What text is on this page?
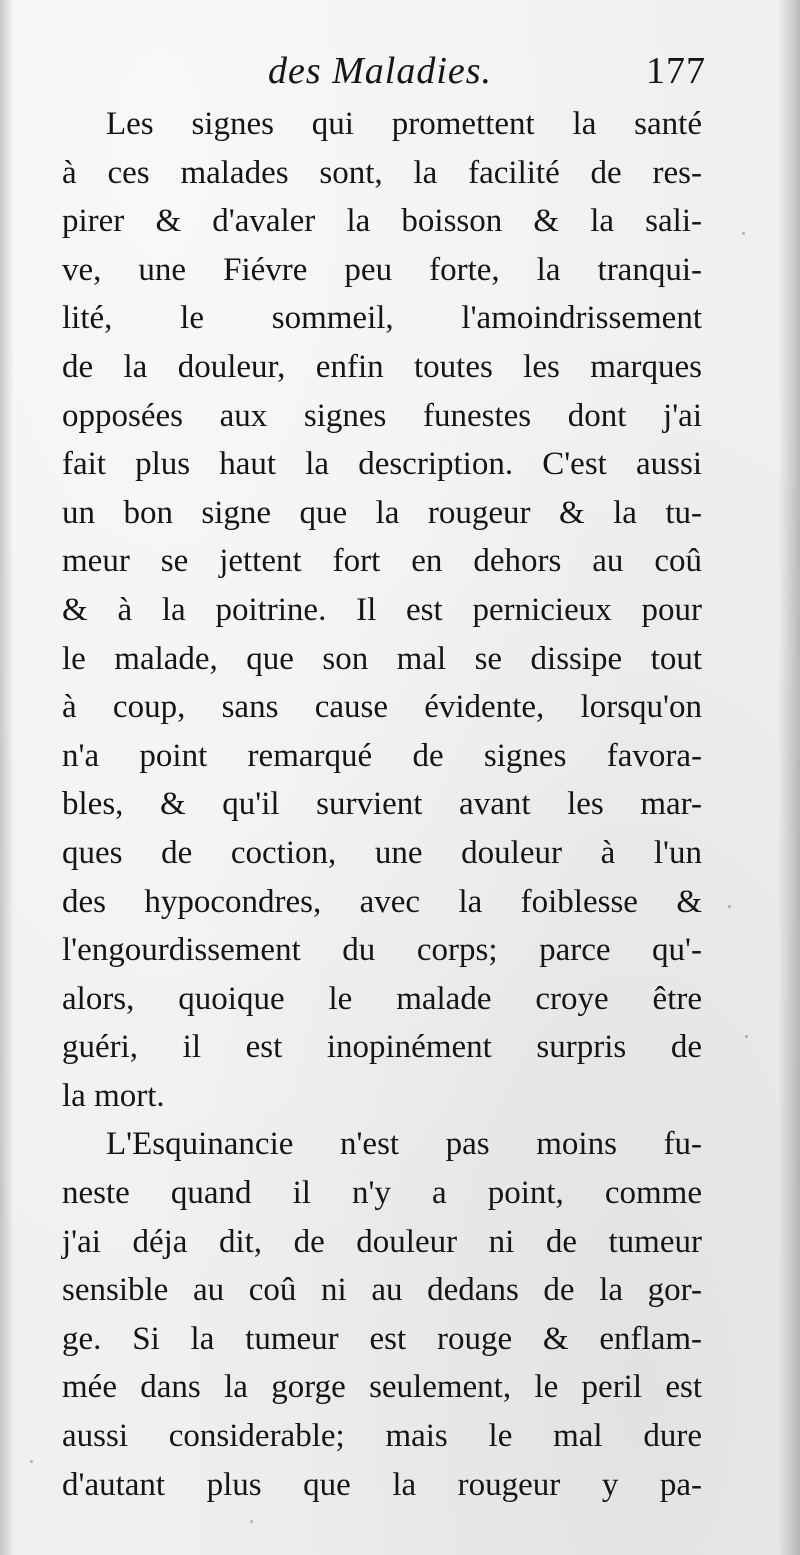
des Maladies.	177
Les signes qui promettent la santé
à ces malades sont, la facilité de res-
pirer & d'avaler la boisson & la sali-
ve, une Fiévre peu forte, la tranqui-
lité, le sommeil, l'amoindrissement
de la douleur, enfin toutes les marques
opposées aux signes funestes dont j'ai
fait plus haut la description. C'est aussi
un bon signe que la rougeur & la tu-
meur se jettent fort en dehors au coû
& à la poitrine. Il est pernicieux pour
le malade, que son mal se dissipe tout
à coup, sans cause évidente, lorsqu'on
n'a point remarqué de signes favora-
bles, & qu'il survient avant les mar-
ques de coction, une douleur à l'un
des hypocondres, avec la foiblesse &
l'engourdissement du corps; parce qu'-
alors, quoique le malade croye être
guéri, il est inopinément surpris de
la mort.
L'Esquinancie n'est pas moins fu-
neste quand il n'y a point, comme
j'ai déja dit, de douleur ni de tumeur
sensible au coû ni au dedans de la gor-
ge. Si la tumeur est rouge & enflam-
mée dans la gorge seulement, le peril est
aussi considerable; mais le mal dure
d'autant plus que la rougeur y pa-
